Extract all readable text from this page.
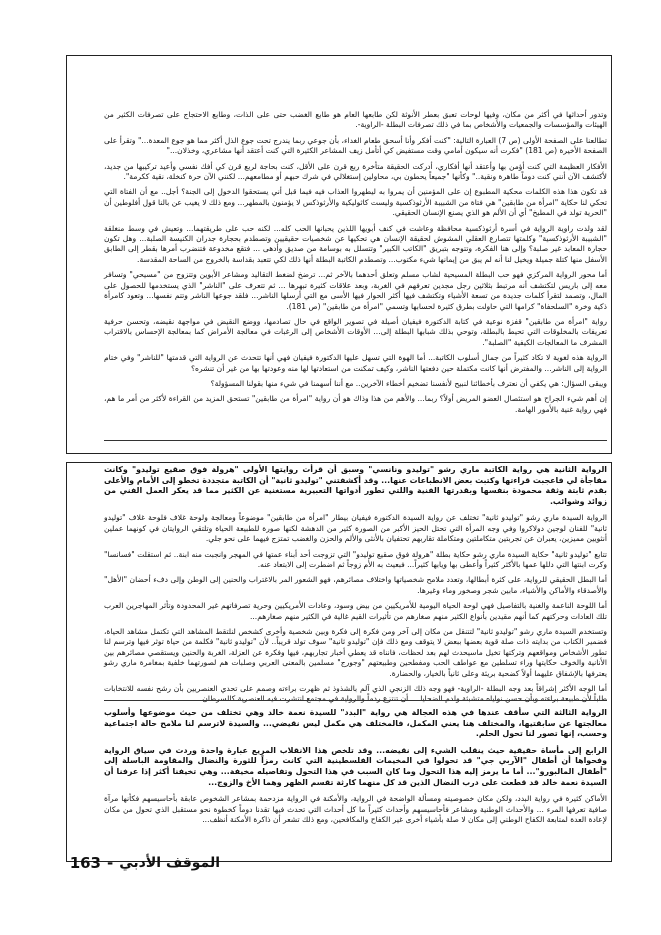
وتدور أحداثها في أكثر من مكان، وفيها لوحات تعبق بعطر الأنوثة لكن طابعها العام هو طابع الغضب حتى على الذات، وطابع الاحتجاج على تصرفات الكثير من الهيئات والمؤسسات والجمعيات والأشخاص بما في ذلك تصرفات البطلة -الراوية-.

تطالعنا على الصفحة الأولى (ص 7) العبارة التالية: "كنت أفكر وأنا أسحق طعام الغداء، بأن جوعي ربما يندرج تحت جوع الذل أكثر مما هو جوع المعدة..." وتقرأ على الصفحة الأخيرة (ص 181) "فكرت أنه سيكون أمامي وقت مستفيض كي أتأمل زيف المشاعر الكثيرة التي كنت أعتقد أنها مشاعري، وخذلان..."

الأفكار العظيمة التي كنت أؤمن بها وأعتقد أنها أفكاري، أدركت الحقيقة متأخرة ربع قرن على الأقل، كنت بحاجة لربع قرن كي أفك نفسي وأعيد تركيبها من جديد، لأكتشف الآن أنني كنت دوماً طاهرة ونقية.." وكأنها "جميعاً يحطون بي، محاولين إستغلالي في شرك حبهم أو مطامعهم... لكنني الآن حرة كنخلة، نقية ككرمة".

قد تكون هذا هذه الكلمات محكية المطبوع إن على المؤمنين أن يمروا به ليطهروا العذاب فيه فيما قبل أني يستحقوا الدخول إلى الجنة؟ أجل.. مع أن الفتاة التي تحكي لنا حكاية "امرأة من طابقين" هي فتاة من الشبيبة الأرثوذكسية وليست كاثوليكية والأرثوذكس لا يؤمنون بالمطهر... ومع ذلك لا يغيب عن بالنا قول أفلوطين أن "الحرية تولد في المطبخ" أي أن الألم هو الذي يصنع الإنسان الحقيقي.

لقد ولدت راوية الرواية في أسرة أرثوذكسية محافظة وعاشت في كنف أبويها اللذين يحبانها الحب كله... لكنه حب على طريقتهما... وتعيش في وسط منغلقة "الشبيبة الأرثوذكسية" وكلمتها تتصارع العقلي المشوش لحقيقة الإنسان هي تحكيها عن شخصيات حقيقيين وتصطدم بحجارة جدران الكنيسة الصلبة... وهل تكون حجارة المعابد غير صلبة؟ وإلى هنا الفكرة، وتتوجه بتبريق "الكاتب الكبير" وتتسلل به بوسامة من صديق وأدهى ... فتقع مخدوعة فتنضرب أمرها بقطر إلى الطابق الأسفل منها كتلة جميلة ويخيل لنا أنه لم يبق من إيمانها شيء مكتوب... وتصطدم الكاتبة البطلة أنها ذلك لكي تتعبد بقداسة بالخروج من الساحة المقدسة.

أما محور الرواية المركزي فهو حب البطلة المسيحية لشاب مسلم وتعلق أحدهما بالآخر ثم... ترضخ لضغط التقاليد ومشاعر الأبوين وتتزوج من "مسيحي" وتسافر معه إلى باريس لتكتشف أنه مرتبط بثلاثين رجل مجدين تعرفهم في الغربة، وبعد علاقات كثيرة تبهرها ... ثم تتعرف على "الناشر" الذي يستخدمها للحصول على المال، وتصمد لتقرأ كلمات جديدة من تسعة الأشياء وتكتشف فيها أكثر الحوار فيها الأسى مع التي أرسلها الناشر... فلقد جوعها الناشر وتتم نفسها... وتعود كامرأة ذكية وخرة "السلحفاة" كرامها التي حاولت بطرق كثيرة لحسابها وتسمي "امرأة من طابقين" (ص 181).

رواية "امرأة من طابقين" قفزة نوعية في كتابة الدكتورة فيفيان أصيلة في تصوير الواقع في حال تصادمها، ووضع النقيض في مواجهة نقيضه، وتحسن حرفية تعريفات بالمخلوقات التي تحيط بالبطلة، وتوحي بذلك شبابها البطلة إلى... الأوقات الأشخاص إلى الرغبات في معالجة الأمراض كما بمعالجة الإحساس بالاقتراب المشرف ما المعالجات الكيفية "الصلبة".

الرواية هذه لغوية لا تكاد كثيراً من جمال أسلوب الكاتبة... أما الهوة التي تسهل عليها الدكتورة فيفيان فهي أنها تتحدث عن الرواية التي قدمتها "للناشر" وفي ختام الرواية إلى الناشر... والمفترض أنها كانت مكتملة حين دفعتها الناشر، وكيف تمكنت من استعادتها لها منه وعودتها بها من غير أن تنشره؟

ويبقى السؤال: هي يكفي أن نعترف بأخطائنا لنبيح لأنفسنا تضخيم أخطاء الآخرين.. مع أننا أسهمنا في شيء منها بقولنا المسؤولة؟

إن أهم شيء الجراح هو استئصال العضو المريض أولاً؟ ربما... والأهم من هذا وذاك هو أن رواية "امرأة من طابقين" تستحق المزيد من القراءة لأكثر من أمر ما هم، فهي رواية غنية بالأمور الهامة.

الرواية الثانية هي رواية الكاتبة ماري رشو "توليدو ونانسي" وسبق أن قرأت روايتها الأولى "هرولة فوق صقيع توليدو" وكانت مفاجأة لي فاعجبت قراءتها وكتبت بعض الانطباعات عنها... وقد أكشفتني "توليدو ثانية" أن الكاتبة متجددة تخطو إلى الأمام والأعلى بقدم ثابتة وثقة محمودة بنفسها وبقدرتها الفنية واللتي تطور أدواتها التعبيرية مستغنية عن الكثير مما قد يعكر العمل الفني من زوائد وشوائب.

الرواية السيدة ماري رشو "توليدو ثانية" تختلف عن رواية السيدة الدكتورة فيفيان بيطار "امرأة من طابقين" موضوعاً ومعالجة ولوحة غلاف فلوحة غلاف "توليدو ثانية" للفنان لوجين دولاكروا وفي وجه المرأة التي تحتل الحيز الأكبر من الصورة كثير من الدهشة لكنها صورة للطبيعة الحياة وتلتقي الروايتان في كونهما عملين أنثويين مميزين، يعبران عن تجربتين متكاملتين ومتكاملة تقاربهم تحتفيان بالأنثى والألم والحزن والغضب تمتزج فيهما على نحو جلي.

تتابع "توليدو ثانية" حكاية السيدة ماري رشو حكاية بطلة "هرولة فوق صقيع توليدو" التي تزوجت أحد أبناء عمتها في المهجر وانجبت منه ابنة.. ثم استقلت "فسانسا" وكرت ابنتها التي دللها عمها بالأكثر كثيراً وأعطى بها ويابها كثيراً... فبعيث به الأم زوجاً ثم اضطرت إلى الابتعاد عنه.

أما البطل الحقيقي للرواية، على كثرة أبطالها، وتعدد ملامح شخصياتها واختلاف مصائرهم، فهو الشعور المر بالاغتراب والحنين إلى الوطن وإلى دفء أحضان "الأهل" والأصدقاء والأماكن والأشياء، مابين شجر وصخور وماء وغيرها.

أما اللوحة الناعمة والغنية بالتفاصيل فهي لوحة الحياة اليومية للأمريكيين من بيض وسود، وعادات الأمريكيين وحرية تصرفاتهم غير المحدودة وتأثر المهاجرين العرب تلك العادات وحركتهم كما أنهم مقيدين بأنواع الكثير منهم صغارهم من تأثيرات القيم غالية في الكثير منهم صغارهم...

وتستخدم السيدة ماري رشو "توليدو ثانية" لتتنقل من مكان إلى آخر ومن فكرة إلى فكرة وبين شخصية وأخرى كشخص لنلتقط المشاهد التي تكتمل مشاهد الحياة، فضمير الكتاب من بدايته ذات صلة قوية بعضها ببعض لا يتوقف ومع ذلك فإن "توليدو ثانية" سوف تولد قريباً.. لأن "توليدو ثانية" فكلمة من حياة توثر فيها وترسم لنا تطور الأشخاص ومواقعهم وتركتها تخيل ماسيحدث لهم بعد لحظات، فانناه قد يعطي أخبار تجاربهم، فيها وفكرة عن العزلة، الغربة والحنين ويستقصي مصائرهم بين الأنانية والخوف حكايتها وراء تسلطين مع عواطف الحب ومفطحين وطبيعتهم "وجورج" مسلمين بالمعنى العربي وصلبات هم لصورتهما خلفية بمغامرة ماري رشو يعترفها بالإشفاق عليهما أولاً كضحية بريئة وعلى ثانياً بالخيار، والحضارة.

أما الوجه الأكثر إشراقاً بعد وجه البطلة -الراوية- فهو وجه ذلك الزنجي الذي آلم بالشذوذ ثم ظهرت براءته وصمم على تحدي العنصريين بأن رشح نفسه للانتخابات طلباً لأن طبيعة براءته وبأن حسن نواياه متشبثة ولدم الضحايا ... أن تنتزع ردماً والرواية في مجتمع انتشرت فيه العنصرية كالسرطان.

الرواية الثالثة التي سأقف عندها في هذه العجالة هي رواية "البدد" للسيدة نعمة خالد وهي تختلف من حيث موضوعها وأسلوب معالجتها عن سابقتيها، والمختلف هنا يعني المكمل، فالمختلف هي مكمل ليس نقيضي... والسيدة لاترسم لنا ملامح حالة اجتماعية وحسب، إنها تصور لنا تحول الحلم.

الرابع إلى مأساة حقيقية حيث ينقلب الشيء إلى نقيضه... وقد تلخص هذا الانقلاب المريع عبارة واحدة وردت في سياق الرواية وفحواها أن أطفال "الآربي جي" قد تحولوا في المخيمات الفلسطينية التي كانت رمزاً للثورة والنضال والمقاومة الباسلة إلى "أطفال المالبورو"... أما ما يرمز إليه هذا التحول وما كان السبب في هذا التحول وتفاصيله مخيفة... وهي تخيفنا أكثر إذا عرفنا أن السيدة نعمة خالد قد قطعت على درب النضال الذين قد كل منهما كارثة تقسم الظهر وهما الأخ والزوج...

الأماكن كثيرة في رواية البدد، ولكن مكان خصوصيته ومسألة الواضحة في الرواية، والأمكنة في الرواية مزدحمة بمشاعر الشخوص عابقة بأحاسيسهم فكأنها مرآة صافية تعرفها المرء ... والأحداث الوطنية ومشاعر فأحاسيسهم وأحداث كثيراً ما كل أحداث التي تحدث فيها تقدنا دوماً كخطوة نحو مستقبل الذي تحول من مكان لإعادة العدة لمتابعة الكفاح الوطني إلى مكان لا صلة بأشياء أخرى غير الكفاح والمكافحين، ومع ذلك تشعر أن ذاكرة الأمكنة أنظف...

الموقف الأدبي
-
163
